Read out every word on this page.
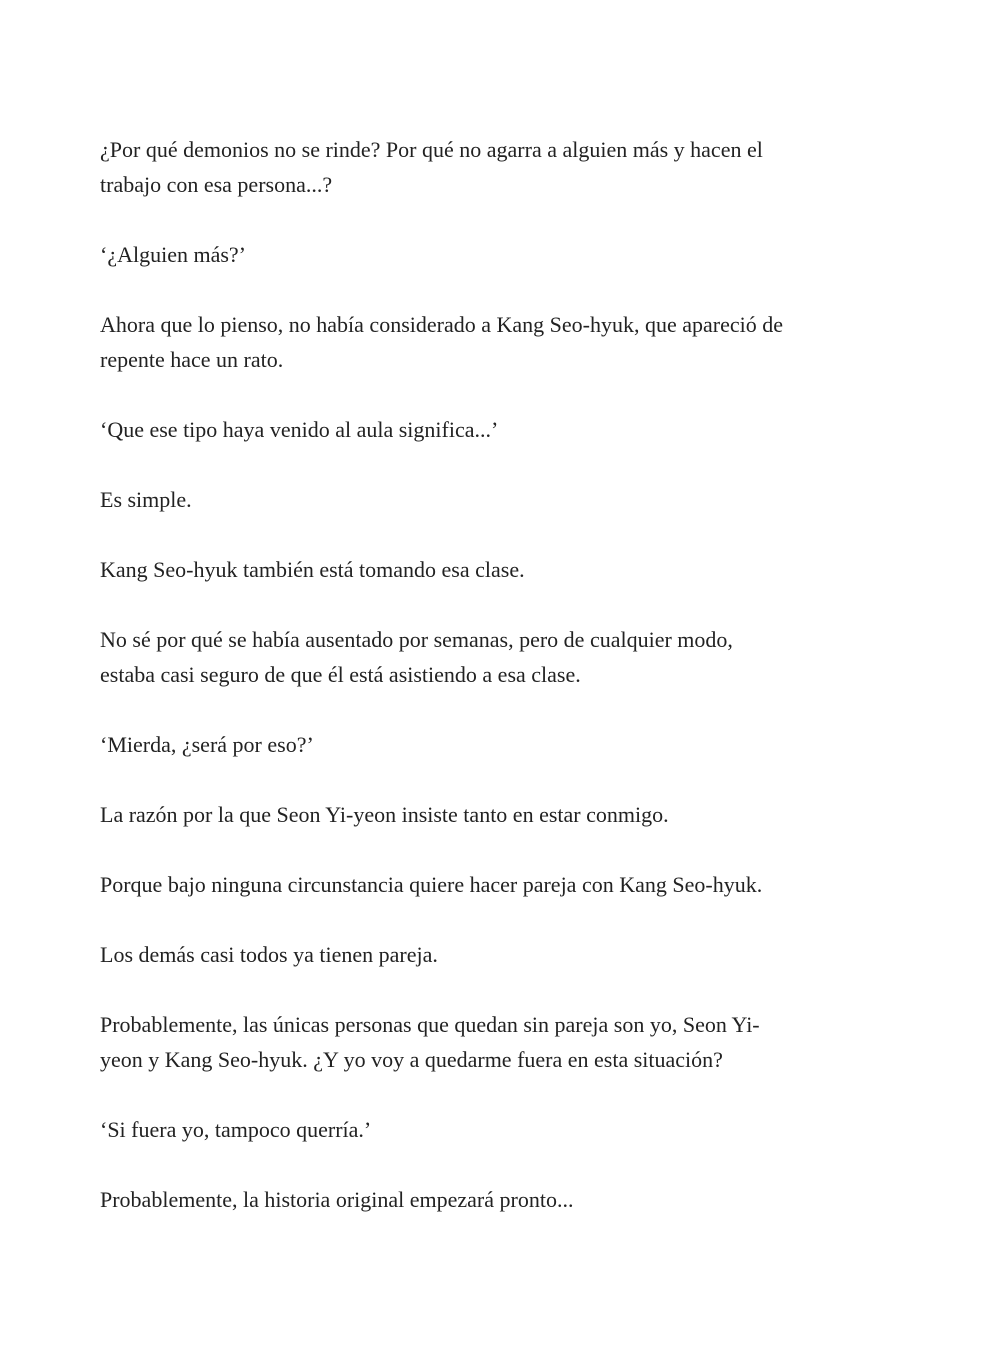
¿Por qué demonios no se rinde? Por qué no agarra a alguien más y hacen el
trabajo con esa persona...?

‘¿Alguien más?’

Ahora que lo pienso, no había considerado a Kang Seo-hyuk, que apareció de
repente hace un rato.

‘Que ese tipo haya venido al aula significa...’

Es simple.

Kang Seo-hyuk también está tomando esa clase.

No sé por qué se había ausentado por semanas, pero de cualquier modo,
estaba casi seguro de que él está asistiendo a esa clase.

‘Mierda, ¿será por eso?’

La razón por la que Seon Yi-yeon insiste tanto en estar conmigo.

Porque bajo ninguna circunstancia quiere hacer pareja con Kang Seo-hyuk.

Los demás casi todos ya tienen pareja.

Probablemente, las únicas personas que quedan sin pareja son yo, Seon Yi-
yeon y Kang Seo-hyuk. ¿Y yo voy a quedarme fuera en esta situación?

‘Si fuera yo, tampoco querría.’

Probablemente, la historia original empezará pronto...
